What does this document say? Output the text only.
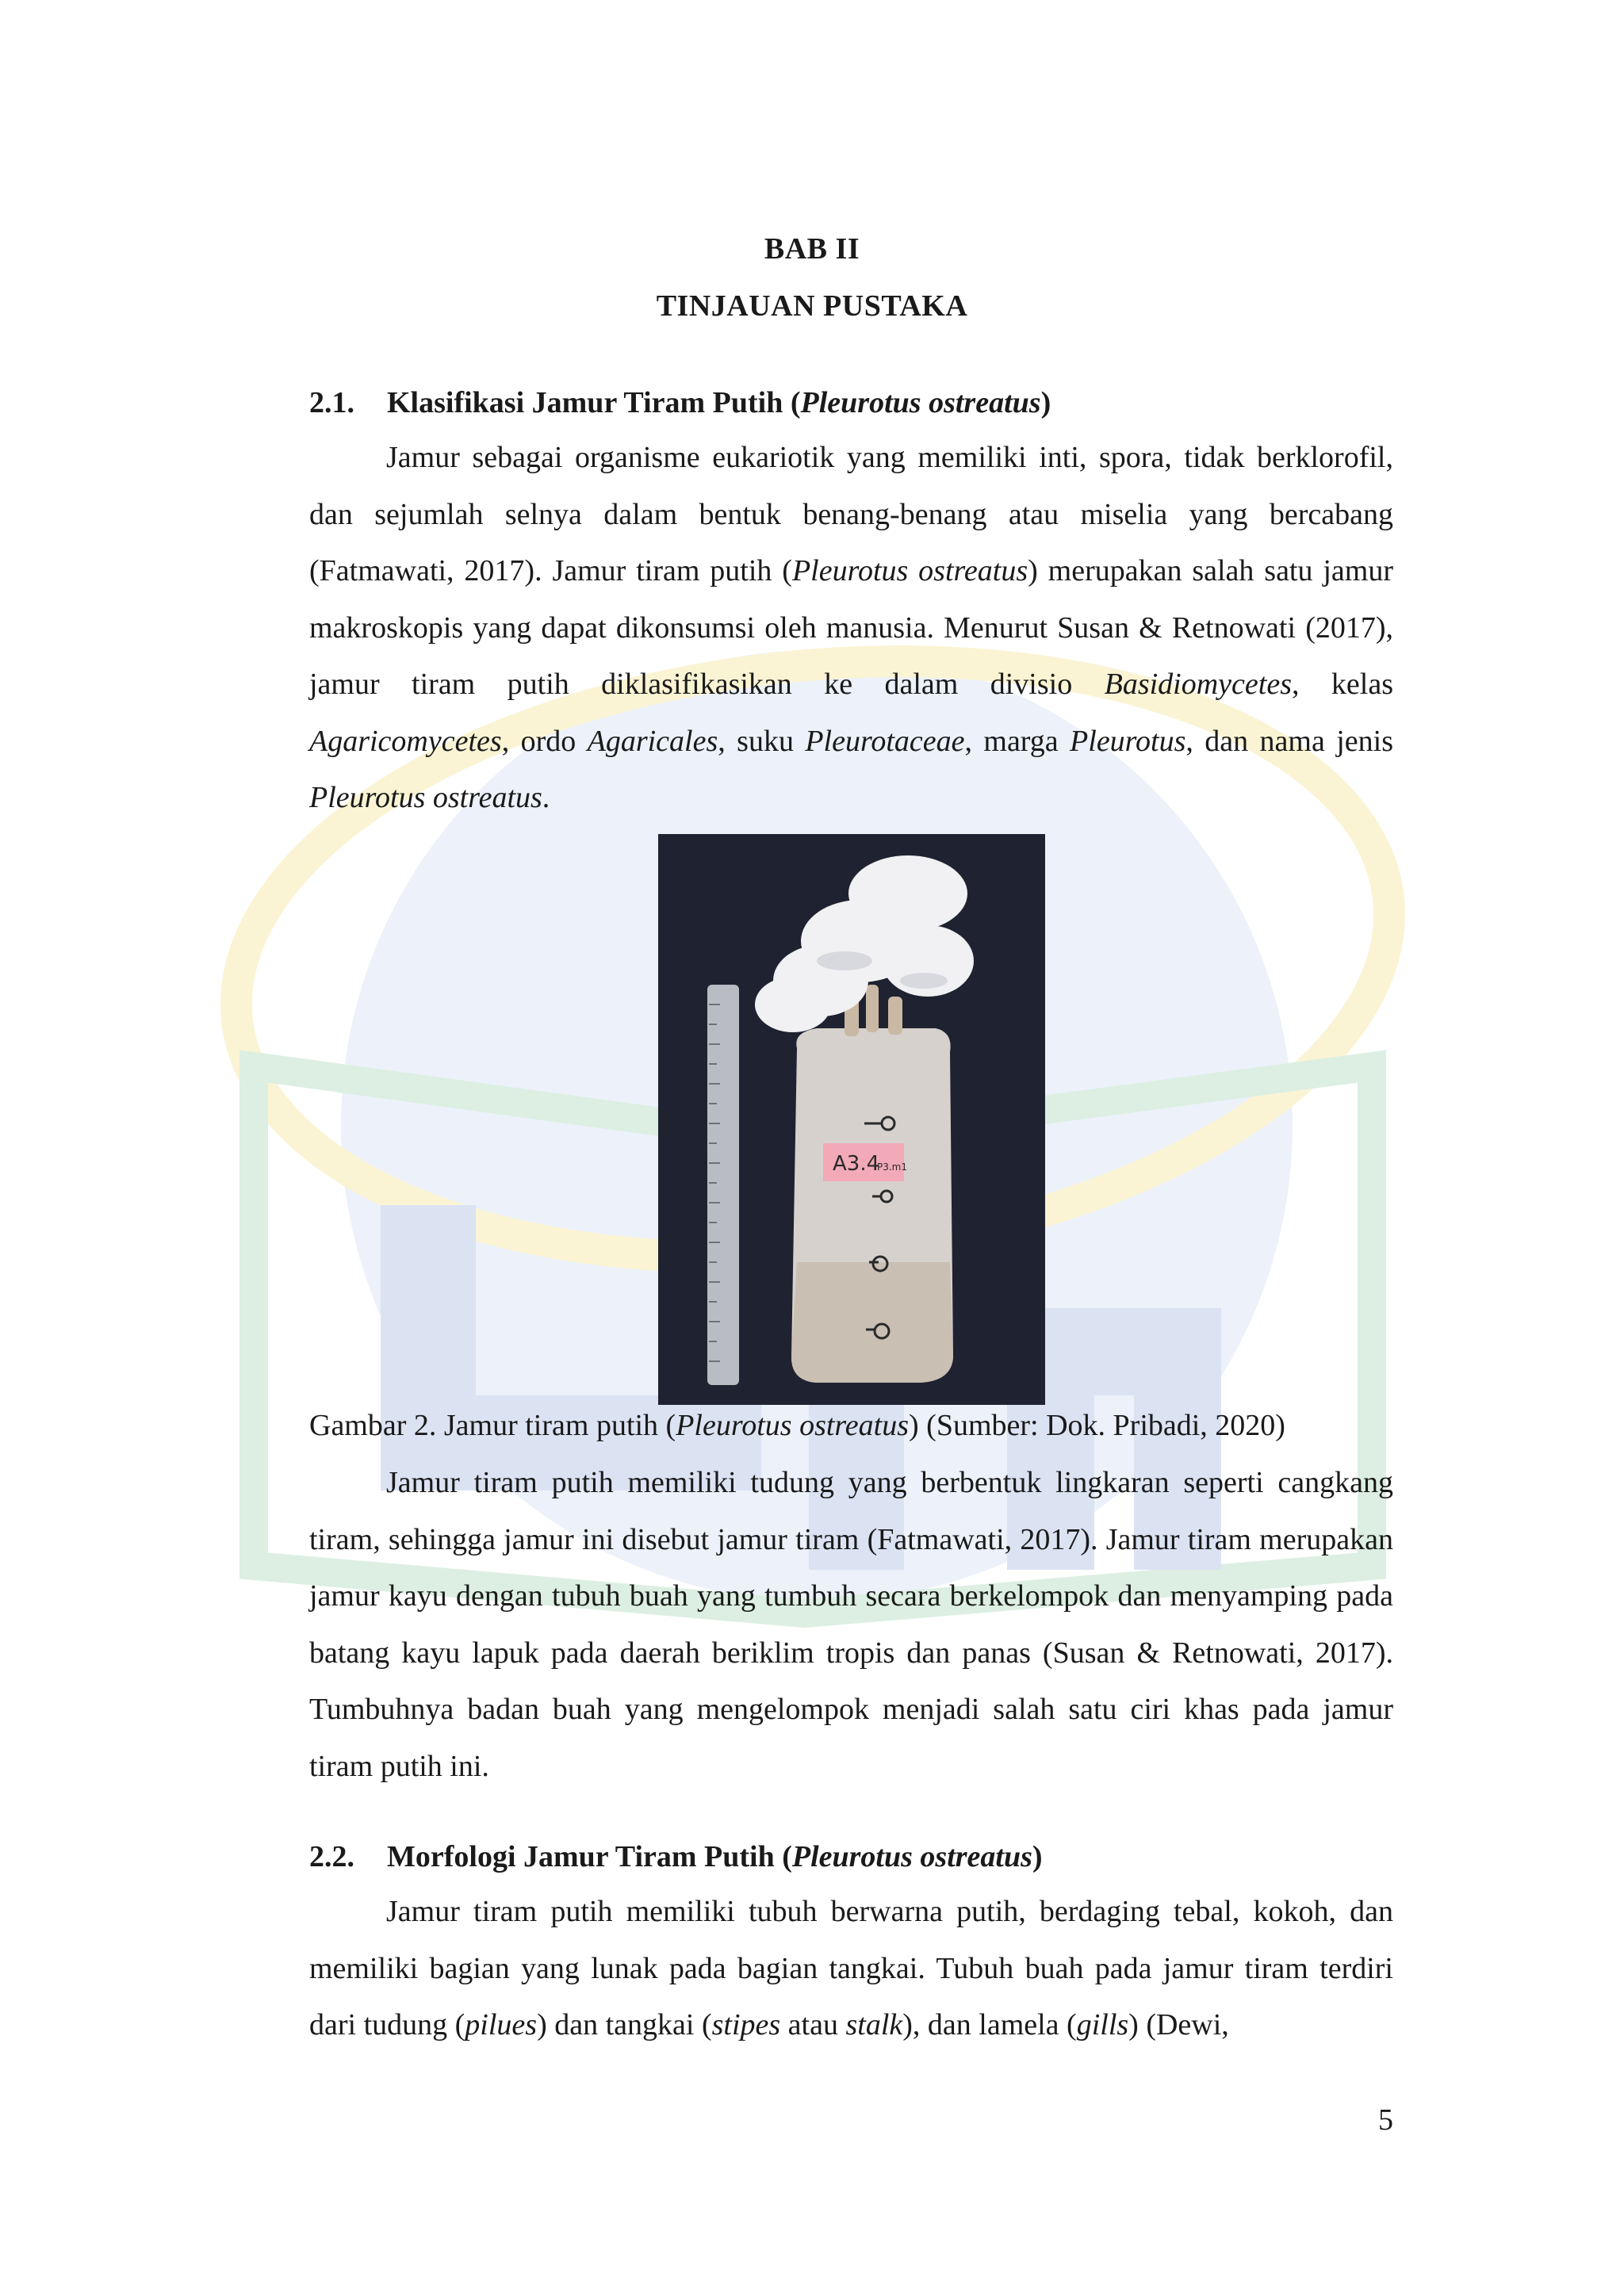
BAB II
TINJAUAN PUSTAKA
2.1. Klasifikasi Jamur Tiram Putih (Pleurotus ostreatus)
Jamur sebagai organisme eukariotik yang memiliki inti, spora, tidak berklorofil, dan sejumlah selnya dalam bentuk benang-benang atau miselia yang bercabang (Fatmawati, 2017). Jamur tiram putih (Pleurotus ostreatus) merupakan salah satu jamur makroskopis yang dapat dikonsumsi oleh manusia. Menurut Susan & Retnowati (2017), jamur tiram putih diklasifikasikan ke dalam divisio Basidiomycetes, kelas Agaricomycetes, ordo Agaricales, suku Pleurotaceae, marga Pleurotus, dan nama jenis Pleurotus ostreatus.
A3.4
P3.m1
Gambar 2. Jamur tiram putih (Pleurotus ostreatus) (Sumber: Dok. Pribadi, 2020)
Jamur tiram putih memiliki tudung yang berbentuk lingkaran seperti cangkang tiram, sehingga jamur ini disebut jamur tiram (Fatmawati, 2017). Jamur tiram merupakan jamur kayu dengan tubuh buah yang tumbuh secara berkelompok dan menyamping pada batang kayu lapuk pada daerah beriklim tropis dan panas (Susan & Retnowati, 2017). Tumbuhnya badan buah yang mengelompok menjadi salah satu ciri khas pada jamur tiram putih ini.
2.2. Morfologi Jamur Tiram Putih (Pleurotus ostreatus)
Jamur tiram putih memiliki tubuh berwarna putih, berdaging tebal, kokoh, dan memiliki bagian yang lunak pada bagian tangkai. Tubuh buah pada jamur tiram terdiri dari tudung (pilues) dan tangkai (stipes atau stalk), dan lamela (gills) (Dewi,
5
